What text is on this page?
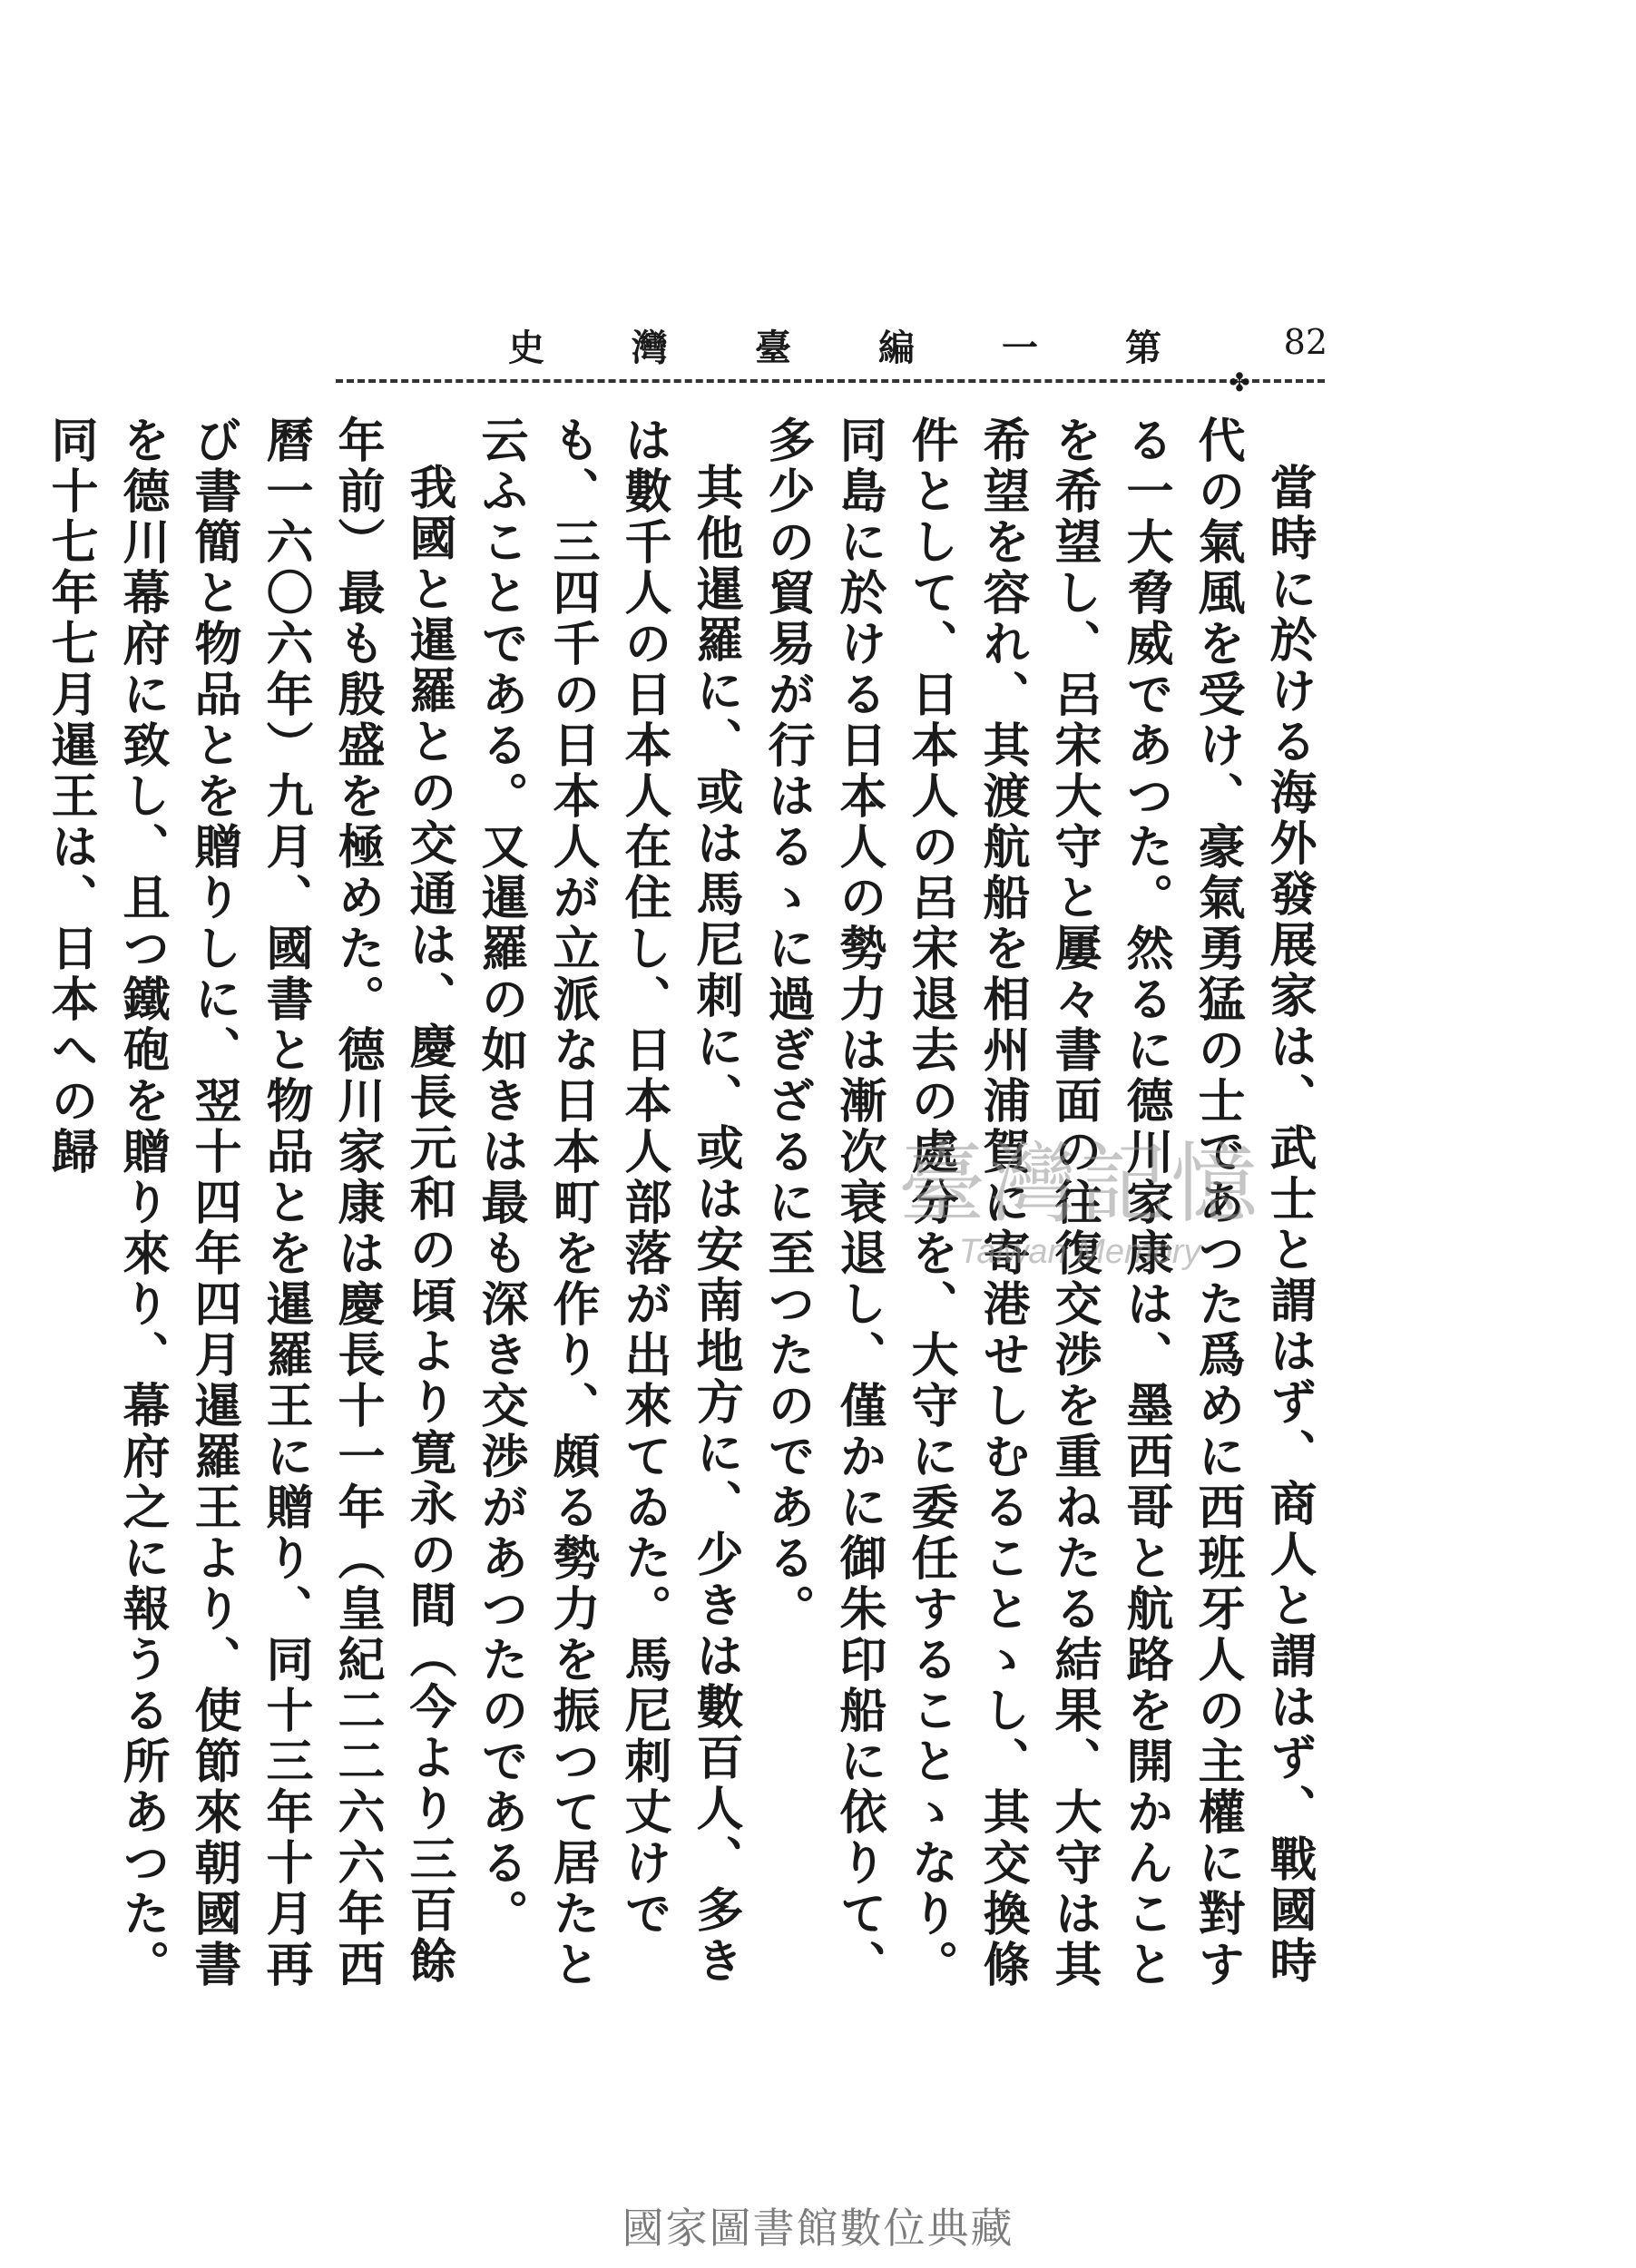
史 灣 臺 編 一 第	82
✤

當時に於ける海外發展家は、武士と謂はず、商人と謂はず、戰國時代の氣風を受け、豪氣勇猛の士であつた爲めに西班牙人の主權に對する一大脅威であつた。然るに德川家康は、墨西哥と航路を開かんことを希望し、呂宋大守と屢々書面の往復交渉を重ねたる結果、大守は其希望を容れ、其渡航船を相州浦賀に寄港せしむることゝし、其交換條件として、日本人の呂宋退去の處分を、大守に委任することゝなり。同島に於ける日本人の勢力は漸次衰退し、僅かに御朱印船に依りて、多少の貿易が行はるゝに過ぎざるに至つたのである。

其他暹羅に、或は馬尼刺に、或は安南地方に、少きは數百人、多きは數千人の日本人在住し、日本人部落が出來てゐた。馬尼刺丈けでも、三四千の日本人が立派な日本町を作り、頗る勢力を振つて居たと云ふことである。又暹羅の如きは最も深き交渉があつたのである。

我國と暹羅との交通は、慶長元和の頃より寛永の間（今より三百餘年前）最も殷盛を極めた。德川家康は慶長十一年（皇紀二二六六年西曆一六〇六年）九月、國書と物品とを暹羅王に贈り、同十三年十月再び書簡と物品とを贈りしに、翌十四年四月暹羅王より、使節來朝國書を德川幕府に致し、且つ鐵砲を贈り來り、幕府之に報うる所あつた。同十七年七月暹王は、日本への歸

臺灣記憶
Taiwan Memory
國家圖書館數位典藏
